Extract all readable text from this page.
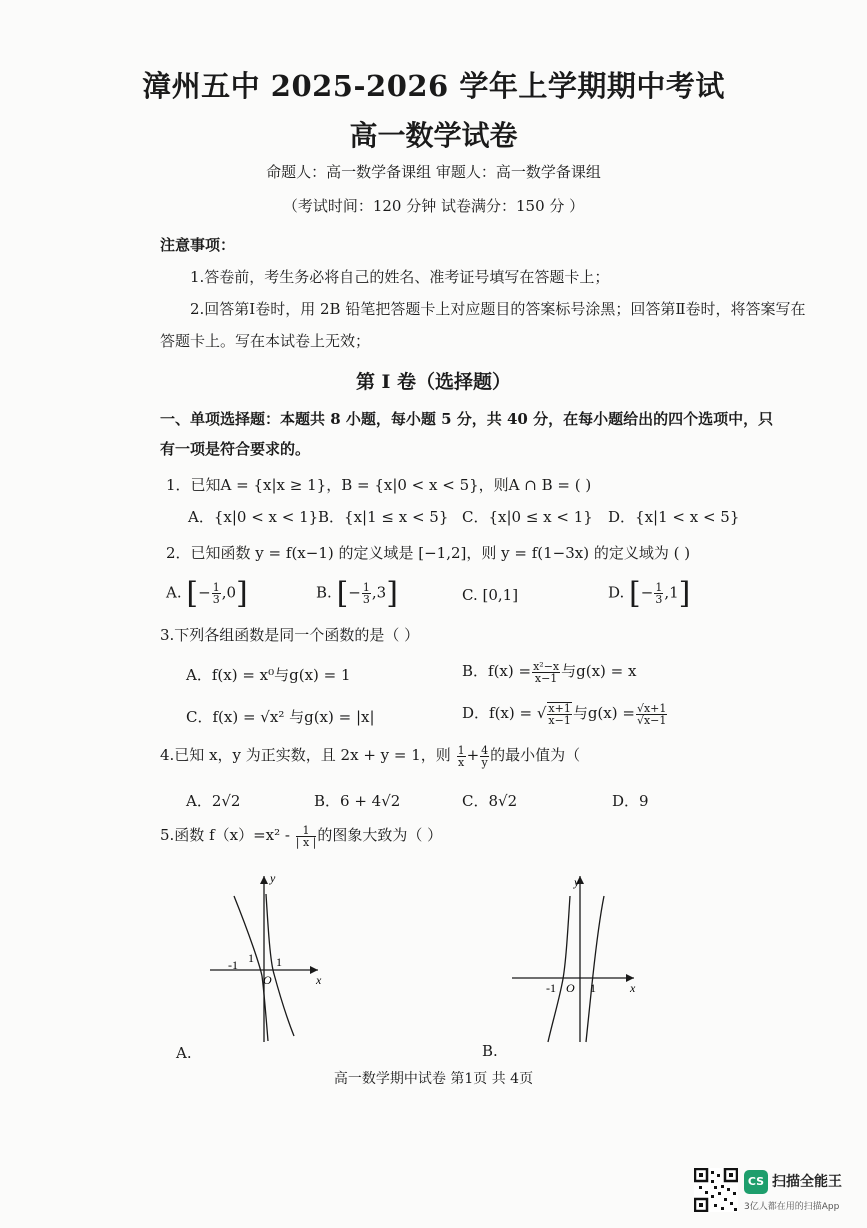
漳州五中 2025-2026 学年上学期期中考试
高一数学试卷
命题人：高一数学备课组 审题人：高一数学备课组
（考试时间：120 分钟 试卷满分：150 分 ）
注意事项：
1.答卷前，考生务必将自己的姓名、准考证号填写在答题卡上；
2.回答第Ⅰ卷时，用 2B 铅笔把答题卡上对应题目的答案标号涂黑；回答第Ⅱ卷时，将答案写在
答题卡上。写在本试卷上无效；
第 I 卷（选择题）
一、单项选择题：本题共 8 小题，每小题 5 分，共 40 分，在每小题给出的四个选项中，只
有一项是符合要求的。
1．已知A = {x|x ≥ 1}，B = {x|0 < x < 5}，则A ∩ B = ( )
A．{x|0 < x < 1} B．{x|1 ≤ x < 5} C．{x|0 ≤ x < 1} D．{x|1 < x < 5}
2．已知函数 y = f(x−1) 的定义域是 [−1,2]，则 y = f(1−3x) 的定义域为 ( )
A. [− $\frac{1}{3} ,0$]	B. [− $\frac{1}{3} ,3$]	C. [0,1]	D. [− $\frac{1}{3} ,1$]
3.下列各组函数是同一个函数的是（ ）
A．f(x) = x⁰与g(x) = 1	B．$f(x) = \frac{\text{x²−x}}{x-1}$ 与g(x) = x
C．f(x) = √x² 与g(x) = |x|	D．f(x) = √ $\frac{x+1}{x-1}$ 与$g(x) = \frac{√x+1}{√x-1}$
4.已知 x，y 为正实数，且 2x + y = 1，则 $\frac{1}{x} + \frac{4}{y}$ 的最小值为（
A．2√2	B．6 + 4√2	C．8√2	D．9
5.函数 $f(x)=x^2 - \frac{1}{| x |}$ 的图象大致为（ ）
x
y
O
-1	1
1
A.
x
y
O
-1	1
B.
高一数学期中试卷 第1页 共 4页
CS 扫描全能王
3亿人都在用的扫描App
